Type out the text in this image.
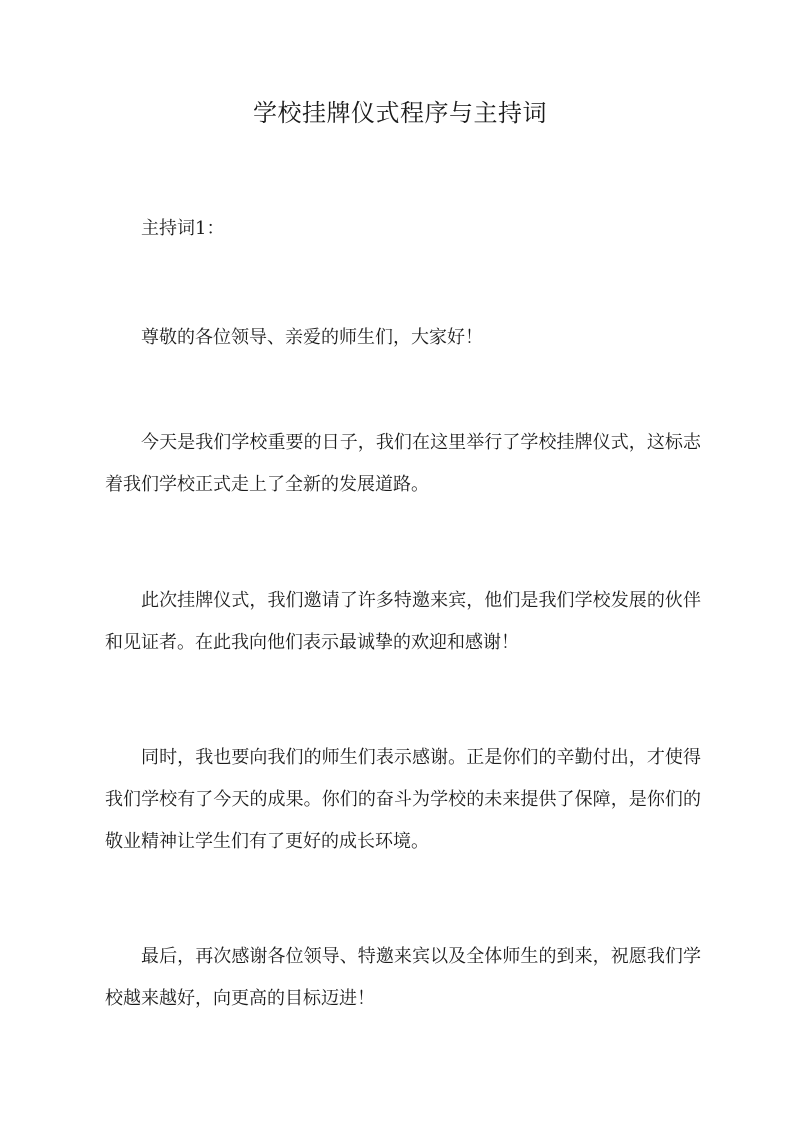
学校挂牌仪式程序与主持词

主持词1：

尊敬的各位领导、亲爱的师生们，大家好！

今天是我们学校重要的日子，我们在这里举行了学校挂牌仪式，这标志着我们学校正式走上了全新的发展道路。

此次挂牌仪式，我们邀请了许多特邀来宾，他们是我们学校发展的伙伴和见证者。在此我向他们表示最诚挚的欢迎和感谢！

同时，我也要向我们的师生们表示感谢。正是你们的辛勤付出，才使得我们学校有了今天的成果。你们的奋斗为学校的未来提供了保障，是你们的敬业精神让学生们有了更好的成长环境。

最后，再次感谢各位领导、特邀来宾以及全体师生的到来，祝愿我们学校越来越好，向更高的目标迈进！
